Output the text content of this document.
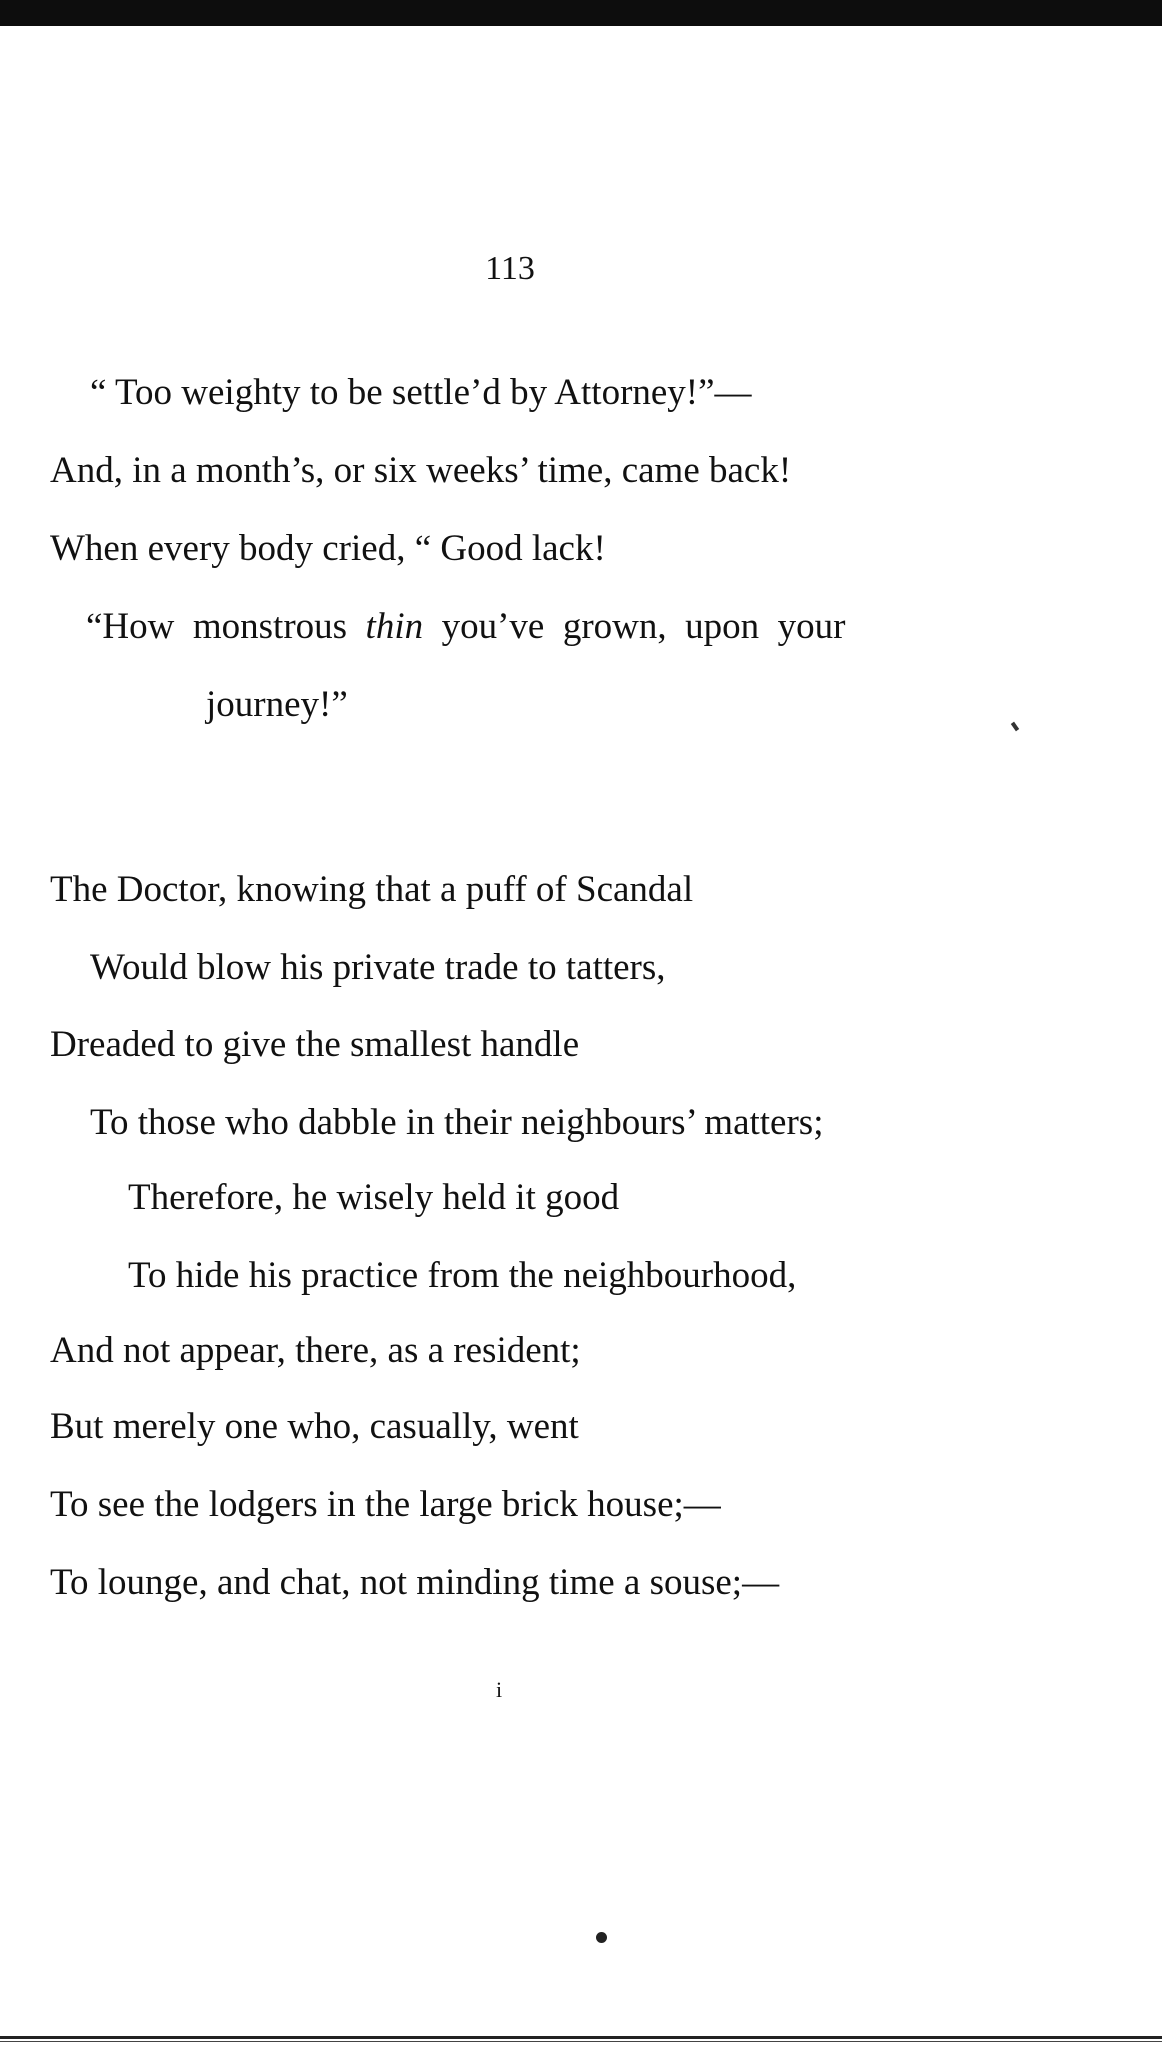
113
“ Too weighty to be settle’d by Attorney!”—
And, in a month’s, or six weeks’ time, came back!
When every body cried, “ Good lack!
“How  monstrous thin you’ve  grown,  upon  your
journey!”
The Doctor, knowing that a puff of Scandal
Would blow his private trade to tatters,
Dreaded to give the smallest handle
To those who dabble in their neighbours’ matters;
Therefore, he wisely held it good
To hide his practice from the neighbourhood,
And not appear, there, as a resident;
But merely one who, casually, went
To see the lodgers in the large brick house;—
To lounge, and chat, not minding time a souse;—
i
